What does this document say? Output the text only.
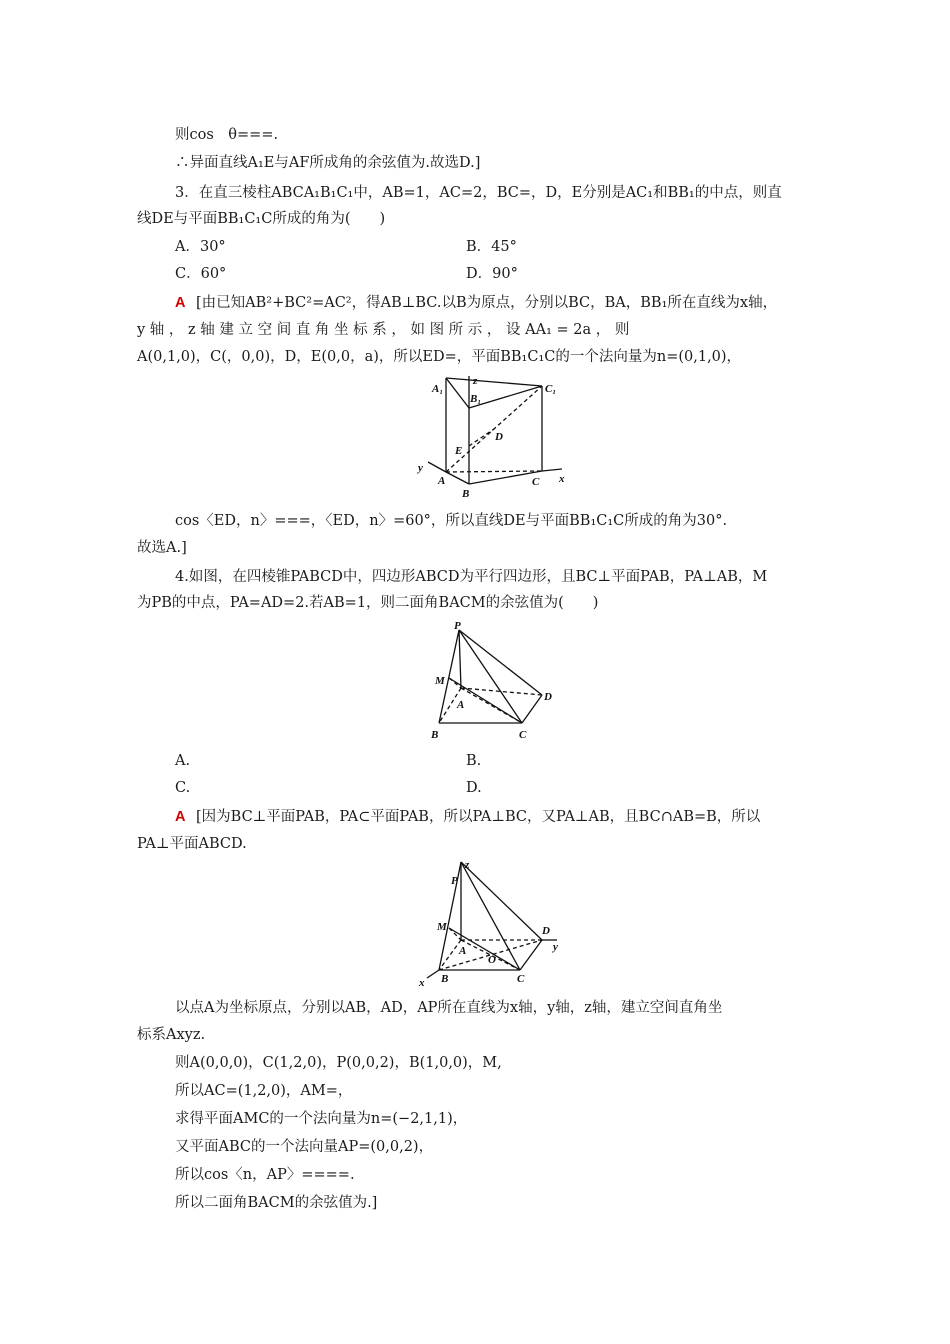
则cos　θ===.
∴异面直线A₁E与AF所成角的余弦值为.故选D.]
3．在直三棱柱ABCA₁B₁C₁中，AB=1，AC=2，BC=，D，E分别是AC₁和BB₁的中点，则直
线DE与平面BB₁C₁C所成的角为(　　)
A．30°	B．45°
C．60°	D．90°
A [由已知AB²+BC²=AC²，得AB⊥BC.以B为原点，分别以BC，BA，BB₁所在直线为x轴，
y 轴 ， z 轴 建 立 空 间 直 角 坐 标 系 ， 如 图 所 示 ， 设 AA₁ = 2a ， 则
A(0,1,0)，C(，0,0)，D，E(0,0，a)，所以ED=，平面BB₁C₁C的一个法向量为n=(0,1,0)，
A₁
z
B₁
C₁
D
E
y
A
B
C x
cos〈ED，n〉===，〈ED，n〉=60°，所以直线DE与平面BB₁C₁C所成的角为30°.
故选A.]
4.如图，在四棱锥PABCD中，四边形ABCD为平行四边形，且BC⊥平面PAB，PA⊥AB，M
为PB的中点，PA=AD=2.若AB=1，则二面角BACM的余弦值为(　　)
P
M
A
D
B	C
A.	B.
C.	D.
A [因为BC⊥平面PAB，PA⊂平面PAB，所以PA⊥BC，又PA⊥AB，且BC∩AB=B，所以
PA⊥平面ABCD.
z
P
M
A
O
D
y
x B	C
以点A为坐标原点，分别以AB，AD，AP所在直线为x轴，y轴，z轴，建立空间直角坐
标系Axyz.
则A(0,0,0)，C(1,2,0)，P(0,0,2)，B(1,0,0)，M,
所以AC=(1,2,0)，AM=，
求得平面AMC的一个法向量为n=(−2,1,1)，
又平面ABC的一个法向量AP=(0,0,2)，
所以cos〈n，AP〉====.
所以二面角BACM的余弦值为.]
